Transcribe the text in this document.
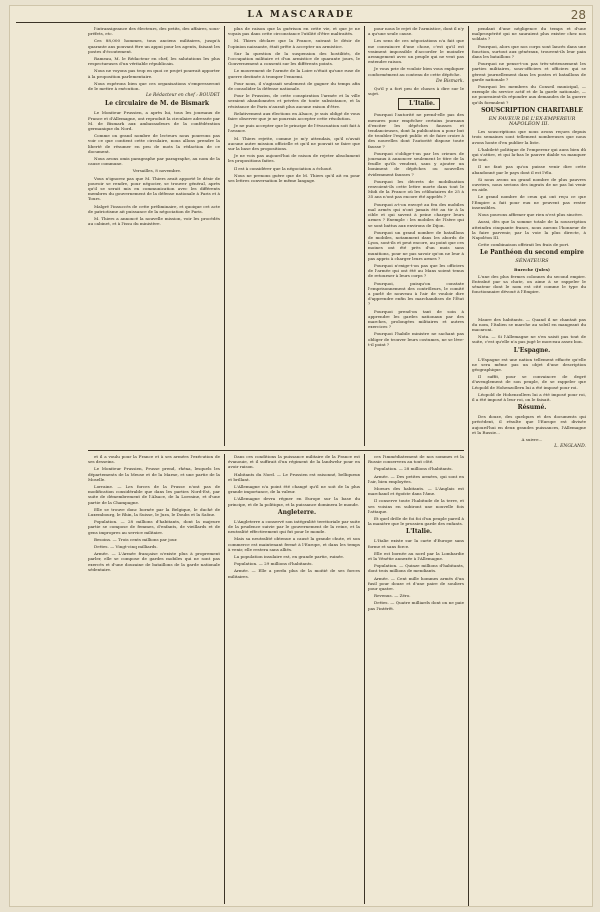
LA MASCARADE	28

l'intransigeance des électeurs, des petits, des affaires, sous-préfets, etc.

Ces 88,000 hommes, tous anciens militaires, jusqu'à quarante ans pouvant être un appui pour les agents, faisant les postes d'écoutement.

Rameau, M. le Rédacteur en chef, les salutations les plus respectueuses d'un véritable républicain.

Nous ne voyons pas trop en quoi ce projet pourrait apporter à la proposition parlementaire.

Nous espérons bien que ces organisations s'empresseront de le mettre à exécution.

Le Rédacteur en chef : BOUDET

Le circulaire de M. de Bismark

Le Moniteur Prussien, a après lui, tous les journaux de France et d'Allemagne, ont reproduit la circulaire adressée par M. de Bismark aux ambassadeurs de la confédération germanique du Nord.

Comme on grand nombre de lecteurs nous pourrons pas voir ce que contient cette circulaire, nous allons prendre la liberté de résumer en peu de mots la rédaction de ce document.

Nous avons omis paragraphe par paragraphe, au nom de la cause commune.

Versailles, 8 novembre.

Vous n'ignorez pas que M. Thiers avait apporté le désir de pouvoir se rendre, pour négocier, se trouver général, après qu'il se serait mis en communication avec les différents membres du gouvernement de la défense nationale à Paris et à Tours.

Malgré l'insuccès de cette préliminaire, et quoique cet acte de patriotisme ait puissance de la négociation de Paris.

M. Thiers a annoncé la nouvelle mission, voir les procédés au cabinet, et à l'issu du ministère.

plus de raison que la guérison en cette vie, et que je ne voyais pas dans cette circonstance l'utilité d'être maltraités.

M. Thiers déclare que la France, suivant le désir de l'opinion naissante, était prête à accepter un armistice.

Sur la question de la suspension des hostilités, de l'occupation militaire et d'un armistice de quarante jours, le Gouvernement a consenti sur les différents points.

Le mouvement de l'armée de la Loire n'était qu'une ruse de guerre destinée à tromper l'ennemi.

Pour nous, il s'agissait seulement de gagner du temps afin de consolider la défense nationale.

Pour le Prussien, de cette conspiration l'armée et la ville seraient abandonnées et privées de toute subsistance, et la résistance de Paris n'aurait plus aucune raison d'être.

Relativement aux élections en Alsace, je suis obligé de vous faire observer que je ne pourrais accepter cette résolution.

Je ne puis accepter que le principe de l'évacuation soit fait à l'avance.

M. Thiers rejette, comme je m'y attendais, qu'il n'avait aucune autre mission officielle et qu'il ne pouvait se faire que sur la base des propositions.

Je ne vois pas aujourd'hui de raison de rejeter absolument les propositions faites.

Il est à considérer que la négociation a échoué.

Nous ne prenons guère que de M. Thiers qu'il ait eu pour ses lettres conversation le même langage.

pour nous le rejet de l'armistice, dont il n'y a qu'une seule cause.

Les sens de ces négociations n'a fait que me convaincre d'une chose, c'est qu'il est vraiment impossible d'accorder le moindre arrangement avec un peuple qui ne veut pas entendre raison.

Je vous prie de vouloir bien vous expliquer conformément au contenu de cette dépêche.

De Bismark.

Qu'il y a fort peu de choses à dire sur le sujet.

L'Italie.

Pourquoi l'autorité ne prend-elle pas des mesures pour empêcher certains journaux d'exciter les dépêches fausses et tendancieuses, dont la publication a pour but de troubler l'esprit public et de faire croire à des nouvelles dont l'autorité dispose toute fausse ?

Pourquoi s'oblige-t-on par les crieurs de journaux à annoncer seulement le titre de la feuille qu'ils vendent, sans y ajouter un boniment de dépêches ou nouvelles évidemment fausses ?

Pourquoi les décrets de mobilisation renvoient-ils cette lettre morte dans tout le Midi de la France où les célibataires de 25 à 35 ans n'ont pas encore été appelés ?

Pourquoi a-t-on envoyé au feu des mobiles mal armés qui n'ont jamais été au tir à la cible et qui savent à peine charger leurs armes ? Exemple : les mobiles de l'Isère qui se sont battus aux environs de Dijon.

Pourquoi un grand nombre de bataillons de mobiles, notamment dans les abords de Lyon, sont-ils et peut encore, au point que ces moines ont été près d'un mois sans munitions, pour ne pas savoir qu'on ne leur à pas appris à charger leurs armes ?

Pourquoi n'exige-t-on pas que les officiers de l'armée qui ont été au Mans soient tenus de retourner à leurs corps ?

Pourquoi, puisqu'on constate l'emprisonnement des contrôleurs, le comité a parlé de nouveau à l'air de vouloir dire d'apprendre enfin les marchandises de l'État ?

Pourquoi prend-on tant de soin à apprendre les gardes nationaux par des marches, prolongées militaires et autres exercices ?

Pourquoi l'habile ministre ne sachant pas obliger de trouver leurs costumes, ne se lève-t-il point ?

pendant d'une négligence du temps et d'une malprospérité qui ne sauraient plus exister chez nos soldats ?

Pourquoi, alors que nos corps sont lancés dans une fonction, surtout aux généraux, trouvent-ils leur pain dans les bataillons ?

Pourquoi ne pense-t-on pas très-sérieusement les parties militaires, sous-officiers et officiers qui se gèrent journellement dans les postes et bataillons de garde nationale ?

Pourquoi les membres du Conseil municipal, — exemple du service actif et de la garde nationale, — ne pourraient-ils répondre aux demandes de la guerre qu'ils formulent ?

SOUSCRIPTION CHARITABLE

EN FAVEUR DE L'EX-EMPEREUR NAPOLÉON III.

Les souscriptions que nous avons reçues depuis trois semaines sont tellement nombreuses que nous avons honte d'en publier la liste.

L'habileté politique de l'empereur qui aura bien dû qui s'attire, et qui la-bas le pauvre diable va manquer de tout.

Il ne faut pas qu'on puisse venir dire cette abandonné par le pays dont il est l'élu.

Si nous avons un grand nombre de plus pauvres ouvriers, nous serions des ingrats de ne pas lui venir en aide.

Le grand nombre de ceux qui ont reçu ce que l'Empire a fait pour eux ne peuvent pas rester insensibles.

Nous pouvons affirmer que rien n'est plus sincère.

Aussi, dès que la somme totale de la souscription atteindra cinquante francs, nous aurons l'honneur de la faire parvenir, par la voie la plus directe, à Napoléon III.

Cette combinaison offrirait les frais de port.

Le Panthéon du second empire

SÉNATEURS

Bureche (Jules)

L'une des plus fermes colonnes du second empire. Entraîné par sa chute, on aime à se rappeler le sénateur dont le nom est cité comme le type du fonctionnaire dévoué à l'Empire.

Maure des habitants. — Quand il ne chantait pas du nom, l'Italien se marche au soleil en mangeant du macaroni.

Nota. — Si l'Allemagne ne s'en saisit pas tout de suite, c'est qu'elle n'a pas jugé le morceau assez bon.

L'Espagne.

L'Espagne est une nation tellement effacée qu'elle ne sera même pas un objet d'une description géographique.

Il suffit, pour se convaincre de degré d'aveuglement de son peuple, de se rappeler que Léopold de Hohenzollern lui a été imposé pour roi.

Léopold de Hohenzollern lui a été imposé pour roi, il a été imposé à leur roi, on le faisait.

Résumé.

Des douze, des quelques et des documents qui précèdent, il résulte que l'Europe est divisée aujourd'hui en deux grandes puissances, l'Allemagne et la Russie...

A suivre...

L. ENGLAND.

et il a voulu pour la France et à ses armées l'exécution de ses desseins.

Le Moniteur Prussien, Prusse prend, rhéna, lesquels les départements de la Meuse et de la Marne, et une partie de la Moselle.

Lorraine. — Les forces de la Prusse n'ont pas de modification considérable que dans les parties Nord-Est, par suite de démembrement de l'Alsace, de la Lorraine, et d'une partie de la Champagne.

Elle se trouve donc bornée par la Belgique, le duché de Luxembourg, le Rhin, la Suisse, le Jura, le Doubs et la Saône.

Population. — 28 millions d'habitants, dont la majeure partie se compose de femmes, d'enfants, de vieillards et de gens impropres au service militaire.

Besoins. — Trois cents millions par jour.

Dettes. — Vingt-cinq milliards.

Armée. — L'Armée française n'existe plus à proprement parler, elle se compose de gardes mobiles qui ne sont pas exercés et d'une douzaine de bataillons de la garde nationale sédentaire.

Dans ces conditions la puissance militaire de la France est évanouie, et il suffirait d'un régiment de la landwehr pour en avoir raison.

Habitants du Nord. — Le Prussien est raisonné, belliqueux et brillant.

L'Allemagne n'a point été changé qu'il ne soit de la plus grande importance, de la valeur.

L'Allemagne devra régner en Europe sur la base du principe, et de la politique, et la puissance dominera le monde.

Angleterre.

L'Angleterre a conservé son intégralité territoriale par suite de la prudence suivie par le gouvernement de la reine, et la neutralité effectivement qui fut pour le monde.

Mais sa neutralité obtenue a causé la grande chute, et son commerce est maintenant fermé à l'Europe, et dans les temps à venir, elle restera sans alliés.

La population insulaire est, en grande partie, ruinée.

Population. — 29 millions d'habitants.

Armée. — Elle a perdu plus de la moitié de ses forces militaires.

ces l'immédiatement de nos sommes et la Russie conservera au tout côté.

Population. — 28 millions d'habitants.

Armée. — Des petites armées, qui sont en l'air, bien employées.

Moeurs des habitants. — L'Anglais est marchand et égoïste dans l'âme.

Il conserve toute l'habitude de la terre, et ses voisins en subiront une nouvelle fois l'attaque.

Et quel drôle de foi foi d'un peuple pareil à la manière que le prussien garde des enfants.

L'Italie.

L'Italie existe sur la carte d'Europe sans forme et sans force.

Elle est bornée au nord par la Lombardie et la Vénétie annexée à l'Allemagne.

Population. — Quinze millions d'habitants, dont trois millions de mendiants.

Armée. — Cent mille hommes armés d'un fusil pour douze et d'une paire de souliers pour quatre.

Revenus. — Zéro.

Dettes. — Quatre milliards dont on ne paie pas l'intérêt.
